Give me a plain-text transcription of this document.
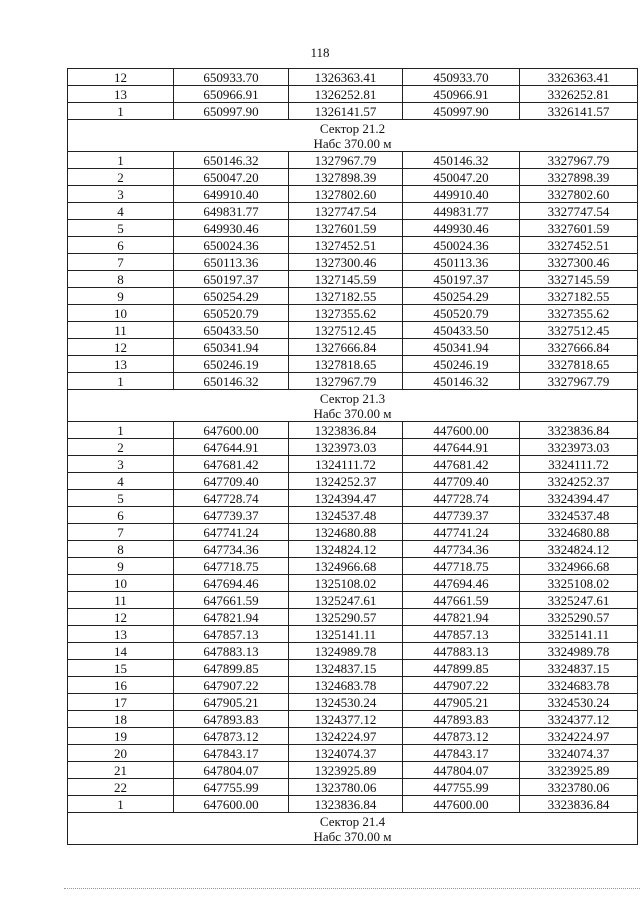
118
12	650933.70	1326363.41	450933.70	3326363.41
13	650966.91	1326252.81	450966.91	3326252.81
1	650997.90	1326141.57	450997.90	3326141.57

Сектор 21.2
Набс 370.00 м				

1	650146.32	1327967.79	450146.32	3327967.79
2	650047.20	1327898.39	450047.20	3327898.39
3	649910.40	1327802.60	449910.40	3327802.60
4	649831.77	1327747.54	449831.77	3327747.54
5	649930.46	1327601.59	449930.46	3327601.59
6	650024.36	1327452.51	450024.36	3327452.51
7	650113.36	1327300.46	450113.36	3327300.46
8	650197.37	1327145.59	450197.37	3327145.59
9	650254.29	1327182.55	450254.29	3327182.55
10	650520.79	1327355.62	450520.79	3327355.62
11	650433.50	1327512.45	450433.50	3327512.45
12	650341.94	1327666.84	450341.94	3327666.84
13	650246.19	1327818.65	450246.19	3327818.65
1	650146.32	1327967.79	450146.32	3327967.79

Сектор 21.3
Набс 370.00 м				

1	647600.00	1323836.84	447600.00	3323836.84
2	647644.91	1323973.03	447644.91	3323973.03
3	647681.42	1324111.72	447681.42	3324111.72
4	647709.40	1324252.37	447709.40	3324252.37
5	647728.74	1324394.47	447728.74	3324394.47
6	647739.37	1324537.48	447739.37	3324537.48
7	647741.24	1324680.88	447741.24	3324680.88
8	647734.36	1324824.12	447734.36	3324824.12
9	647718.75	1324966.68	447718.75	3324966.68
10	647694.46	1325108.02	447694.46	3325108.02
11	647661.59	1325247.61	447661.59	3325247.61
12	647821.94	1325290.57	447821.94	3325290.57
13	647857.13	1325141.11	447857.13	3325141.11
14	647883.13	1324989.78	447883.13	3324989.78
15	647899.85	1324837.15	447899.85	3324837.15
16	647907.22	1324683.78	447907.22	3324683.78
17	647905.21	1324530.24	447905.21	3324530.24
18	647893.83	1324377.12	447893.83	3324377.12
19	647873.12	1324224.97	447873.12	3324224.97
20	647843.17	1324074.37	447843.17	3324074.37
21	647804.07	1323925.89	447804.07	3323925.89
22	647755.99	1323780.06	447755.99	3323780.06
1	647600.00	1323836.84	447600.00	3323836.84

Сектор 21.4
Набс 370.00 м				
